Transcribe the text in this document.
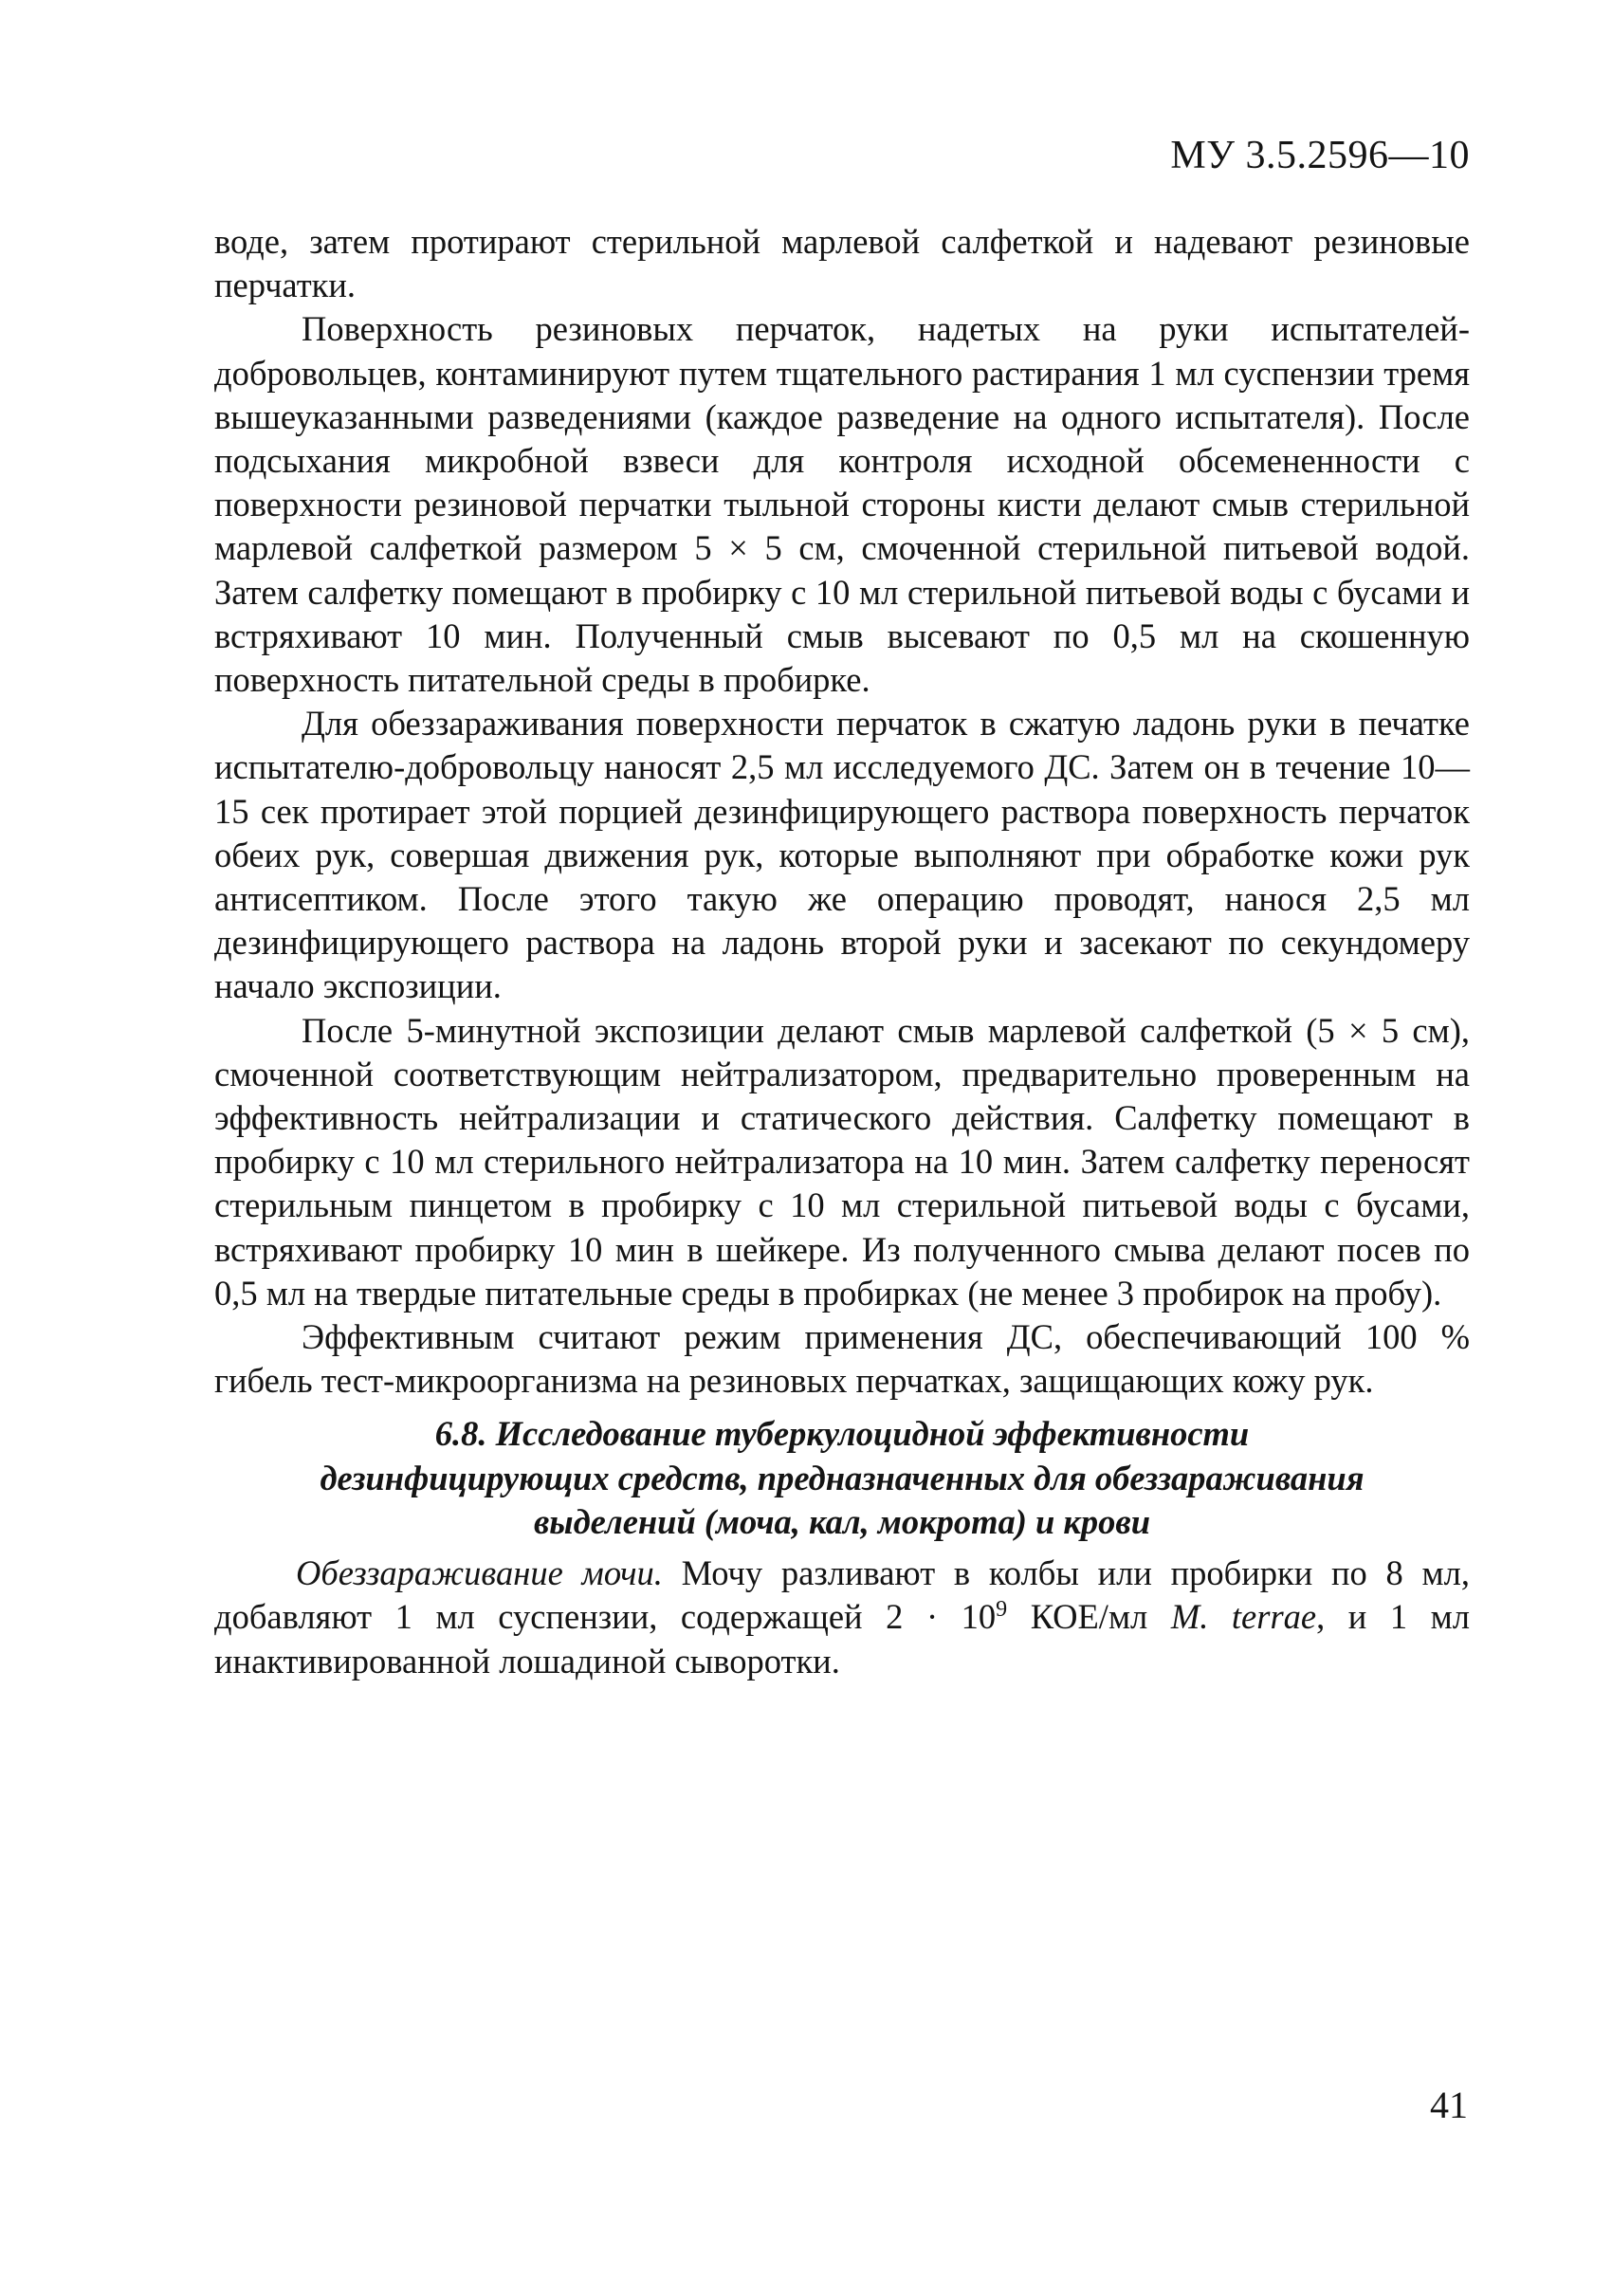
МУ 3.5.2596—10

воде, затем протирают стерильной марлевой салфеткой и надевают резиновые перчатки.

Поверхность резиновых перчаток, надетых на руки испытателей-добровольцев, контаминируют путем тщательного растирания 1 мл суспензии тремя вышеуказанными разведениями (каждое разведение на одного испытателя). После подсыхания микробной взвеси для контроля исходной обсемененности с поверхности резиновой перчатки тыльной стороны кисти делают смыв стерильной марлевой салфеткой размером 5 × 5 см, смоченной стерильной питьевой водой. Затем салфетку помещают в пробирку с 10 мл стерильной питьевой воды с бусами и встряхивают 10 мин. Полученный смыв высевают по 0,5 мл на скошенную поверхность питательной среды в пробирке.

Для обеззараживания поверхности перчаток в сжатую ладонь руки в печатке испытателю-добровольцу наносят 2,5 мл исследуемого ДС. Затем он в течение 10—15 сек протирает этой порцией дезинфицирующего раствора поверхность перчаток обеих рук, совершая движения рук, которые выполняют при обработке кожи рук антисептиком. После этого такую же операцию проводят, нанося 2,5 мл дезинфицирующего раствора на ладонь второй руки и засекают по секундомеру начало экспозиции.

После 5-минутной экспозиции делают смыв марлевой салфеткой (5 × 5 см), смоченной соответствующим нейтрализатором, предварительно проверенным на эффективность нейтрализации и статического действия. Салфетку помещают в пробирку с 10 мл стерильного нейтрализатора на 10 мин. Затем салфетку переносят стерильным пинцетом в пробирку с 10 мл стерильной питьевой воды с бусами, встряхивают пробирку 10 мин в шейкере. Из полученного смыва делают посев по 0,5 мл на твердые питательные среды в пробирках (не менее 3 пробирок на пробу).

Эффективным считают режим применения ДС, обеспечивающий 100 % гибель тест-микроорганизма на резиновых перчатках, защищающих кожу рук.

6.8. Исследование туберкулоцидной эффективности
дезинфицирующих средств, предназначенных для обеззараживания
выделений (моча, кал, мокрота) и крови

Обеззараживание мочи. Мочу разливают в колбы или пробирки по 8 мл, добавляют 1 мл суспензии, содержащей $2 \cdot 10^9$ КОЕ/мл M. terrae, и 1 мл инактивированной лошадиной сыворотки.

41
